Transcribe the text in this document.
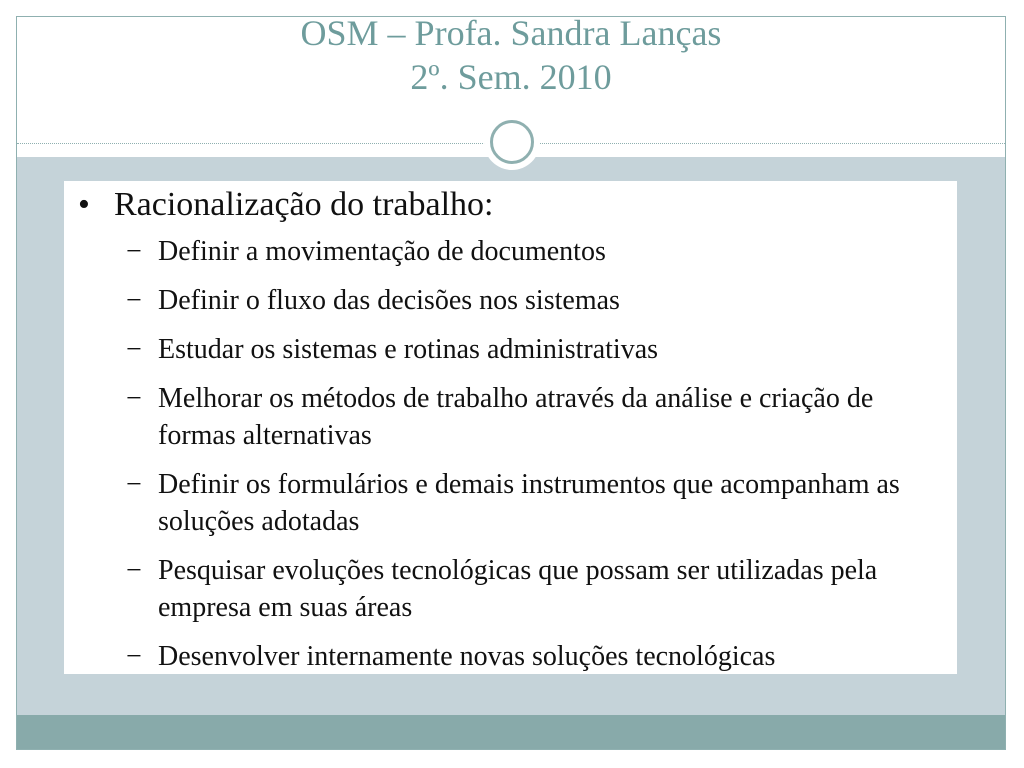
OSM – Profa. Sandra Lanças

2º. Sem. 2010

• Racionalização do trabalho:
− Definir a movimentação de documentos
− Definir o fluxo das decisões nos sistemas
− Estudar os sistemas e rotinas administrativas
− Melhorar os métodos de trabalho através da análise e criação de formas alternativas
− Definir os formulários e demais instrumentos que acompanham as soluções adotadas
− Pesquisar evoluções tecnológicas que possam ser utilizadas pela empresa em suas áreas
− Desenvolver internamente novas soluções tecnológicas
